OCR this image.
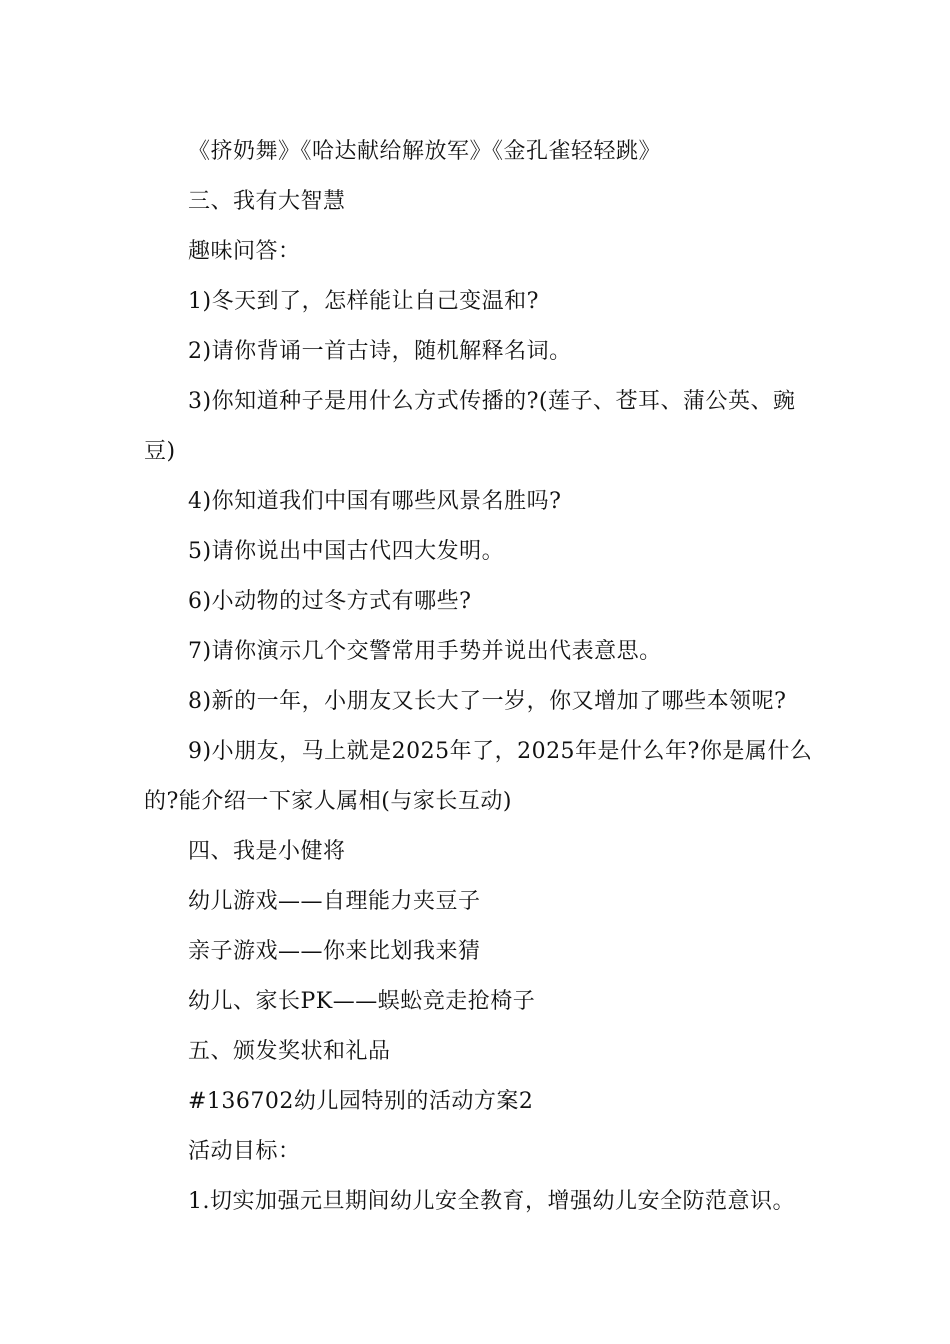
《挤奶舞》《哈达献给解放军》《金孔雀轻轻跳》
三、我有大智慧
趣味问答：
1)冬天到了，怎样能让自己变温和?
2)请你背诵一首古诗，随机解释名词。
3)你知道种子是用什么方式传播的?(莲子、苍耳、蒲公英、豌
豆)
4)你知道我们中国有哪些风景名胜吗?
5)请你说出中国古代四大发明。
6)小动物的过冬方式有哪些?
7)请你演示几个交警常用手势并说出代表意思。
8)新的一年，小朋友又长大了一岁，你又增加了哪些本领呢?
9)小朋友，马上就是2025年了，2025年是什么年?你是属什么
的?能介绍一下家人属相(与家长互动)
四、我是小健将
幼儿游戏——自理能力夹豆子
亲子游戏——你来比划我来猜
幼儿、家长PK——蜈蚣竞走抢椅子
五、颁发奖状和礼品
#136702幼儿园特别的活动方案2
活动目标：
1.切实加强元旦期间幼儿安全教育，增强幼儿安全防范意识。
